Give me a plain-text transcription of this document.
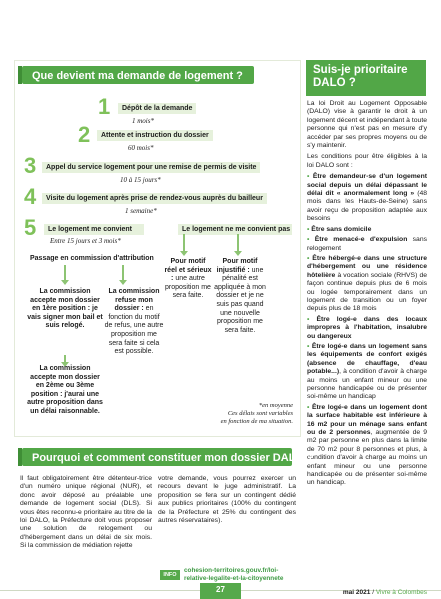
Que devient ma demande de logement ?
1	Dépôt de la demande
1 mois*
2	Attente et instruction du dossier
60 mois*
3	Appel du service logement pour une remise de permis de visite
10 à 15 jours*
4	Visite du logement après prise de rendez-vous auprès du bailleur
1 semaine*
5	Le logement me convient
Entre 15 jours et 3 mois*
Le logement ne me convient pas
Passage en commission d'attribution
La commission accepte mon dossier en 1ère position : je vais signer mon bail et suis relogé.
La commission accepte mon dossier en 2ème ou 3ème position : j'aurai une autre proposition dans un délai raisonnable.
La commission refuse mon dossier : en fonction du motif de refus, une autre proposition me sera faite si cela est possible.
Pour motif réel et sérieux : une autre proposition me sera faite.
Pour motif injustifié : une pénalité est appliquée à mon dossier et je ne suis pas quand une nouvelle proposition me sera faite.
*en moyenne
Ces délais sont variables
en fonction de ma situation.
Suis-je prioritaire DALO ?

La loi Droit au Logement Opposable (DALO) vise à garantir le droit à un logement décent et indépendant à toute personne qui n'est pas en mesure d'y accéder par ses propres moyens ou de s'y maintenir.

Les conditions pour être éligibles à la loi DALO sont :

• Être demandeur-se d'un logement social depuis un délai dépassant le délai dit « anormalement long » (48 mois dans les Hauts-de-Seine) sans avoir reçu de proposition adaptée aux besoins
• Être sans domicile
• Être menacé-e d'expulsion sans relogement
• Être hébergé-e dans une structure d'hébergement ou une résidence hôtelière à vocation sociale (RHVS) de façon continue depuis plus de 6 mois ou logée temporairement dans un logement de transition ou un foyer depuis plus de 18 mois
• Être logé-e dans des locaux impropres à l'habitation, insalubre ou dangereux
• Être logé-e dans un logement sans les équipements de confort exigés (absence de chauffage, d'eau potable...), à condition d'avoir à charge au moins un enfant mineur ou une personne handicapée ou de présenter soi-même un handicap
• Être logé-e dans un logement dont la surface habitable est inférieure à 16 m2 pour un ménage sans enfant ou de 2 personnes, augmentée de 9 m2 par personne en plus dans la limite de 70 m2 pour 8 personnes et plus, à condition d'avoir à charge au moins un enfant mineur ou une personne handicapée ou de présenter soi-même un handicap.
Pourquoi et comment constituer mon dossier DALO ?
Il faut obligatoirement être détenteur-trice d'un numéro unique régional (NUR), et donc avoir déposé au préalable une demande de logement social (DLS). Si vous êtes reconnu-e prioritaire au titre de la loi DALO, la Préfecture doit vous proposer une solution de relogement ou d'hébergement dans un délai de six mois. Si la commission de médiation rejette
votre demande, vous pourrez exercer un recours devant le juge administratif. La proposition se fera sur un contingent dédié aux publics prioritaires (100% du contingent de la Préfecture et 25% du contingent des autres réservataires).
INFO
cohesion-territoires.gouv.fr/loi-relative-legalite-et-la-citoyennete
27	mai 2021 / Vivre à Colombes
